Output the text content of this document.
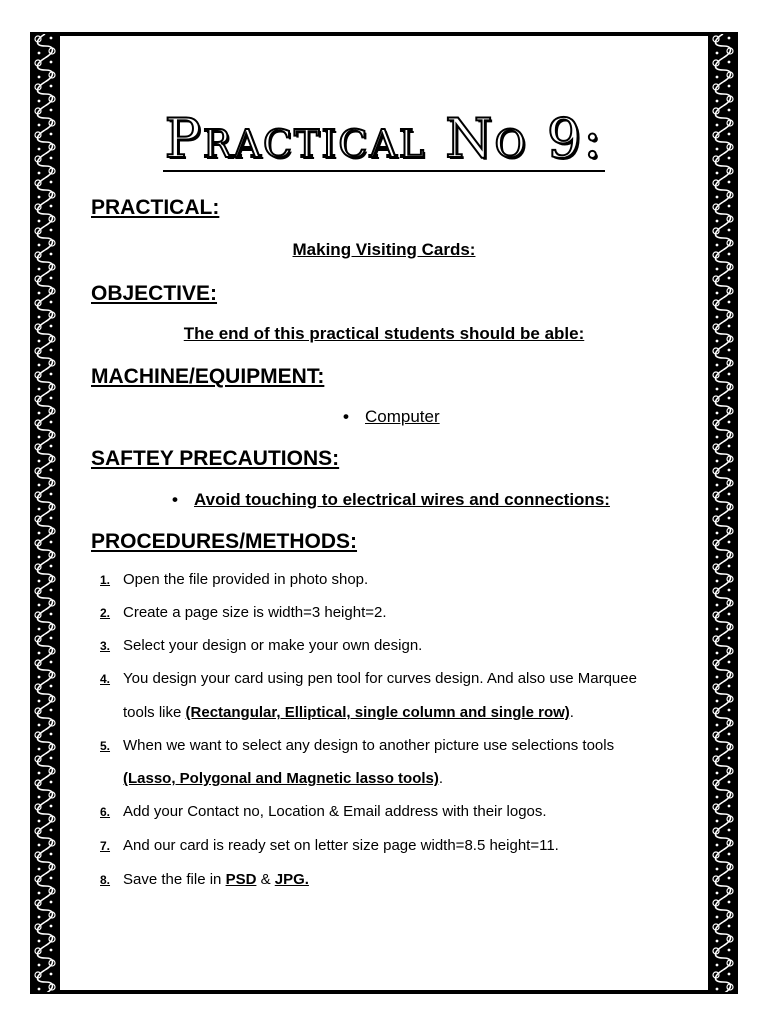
Practical No 9:
PRACTICAL:
Making Visiting Cards:
OBJECTIVE:
The end of this practical students should be able:
MACHINE/EQUIPMENT:
• Computer
SAFTEY PRECAUTIONS:
• Avoid touching to electrical wires and connections:
PROCEDURES/METHODS:
1. Open the file provided in photo shop.
2. Create a page size is width=3 height=2.
3. Select your design or make your own design.
4. You design your card using pen tool for curves design. And also use Marquee
tools like (Rectangular, Elliptical, single column and single row).
5. When we want to select any design to another picture use selections tools
(Lasso, Polygonal and Magnetic lasso tools).
6. Add your Contact no, Location & Email address with their logos.
7. And our card is ready set on letter size page width=8.5 height=11.
8. Save the file in PSD & JPG.
